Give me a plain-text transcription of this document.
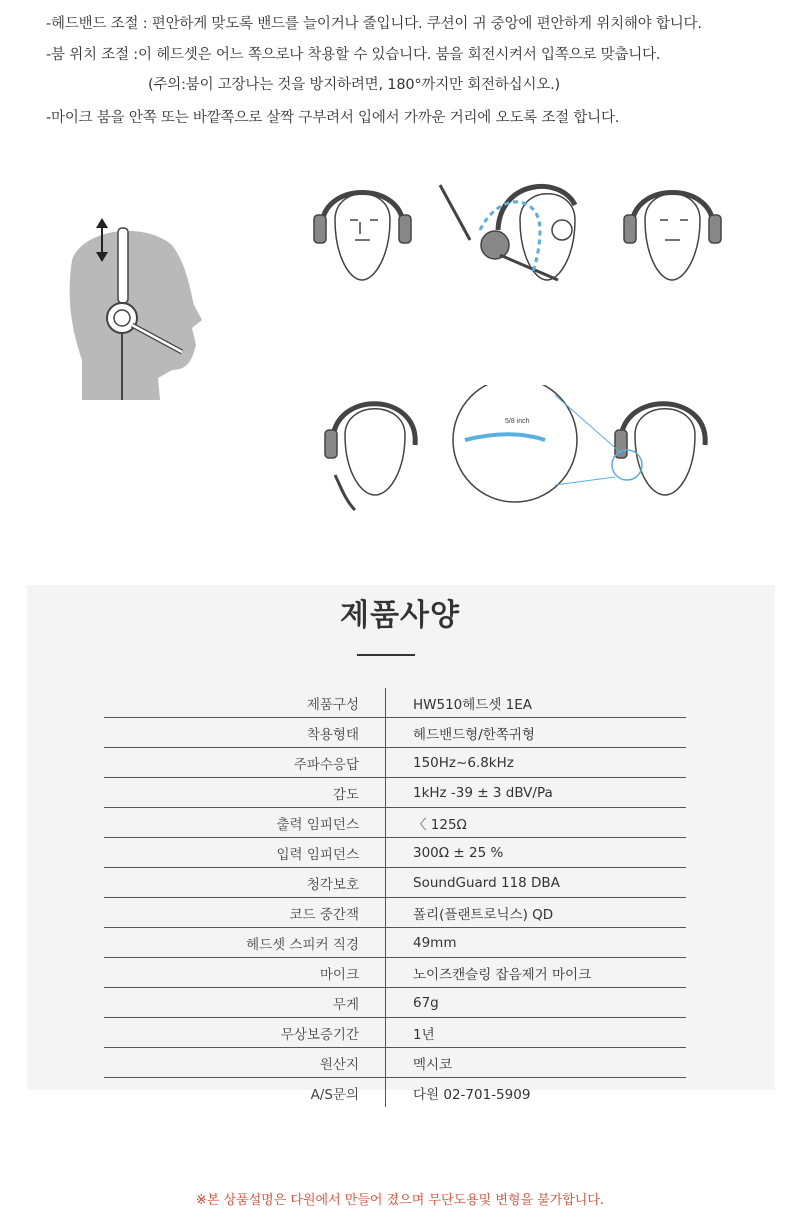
-헤드밴드 조절 : 편안하게 맞도록 밴드를 늘이거나 줄입니다. 쿠션이 귀 중앙에 편안하게 위치해야 합니다.
-붐 위치 조절 :이 헤드셋은 어느 쪽으로나 착용할 수 있습니다. 붐을 회전시켜서 입쪽으로 맞춥니다.
(주의:붐이 고장나는 것을 방지하려면, 180°까지만 회전하십시오.)
-마이크 붐을 안쪽 또는 바깥쪽으로 살짝 구부려서 입에서 가까운 거리에 오도록 조절 합니다.
5/8 inch
제품사양
제품구성	HW510헤드셋 1EA
착용형태	헤드밴드형/한쪽귀형
주파수응답	150Hz~6.8kHz
감도	1kHz -39 ± 3 dBV/Pa
출력 임피던스	〈 125Ω
입력 임피던스	300Ω ± 25 %
청각보호	SoundGuard 118 DBA
코드 중간잭	폴리(플랜트로닉스) QD
헤드셋 스피커 직경	49mm
마이크	노이즈캔슬링 잡음제거 마이크
무게	67g
무상보증기간	1년
원산지	멕시코
A/S문의	다원 02-701-5909
※본 상품설명은 다원에서 만들어 졌으며 무단도용및 변형을 불가합니다.
